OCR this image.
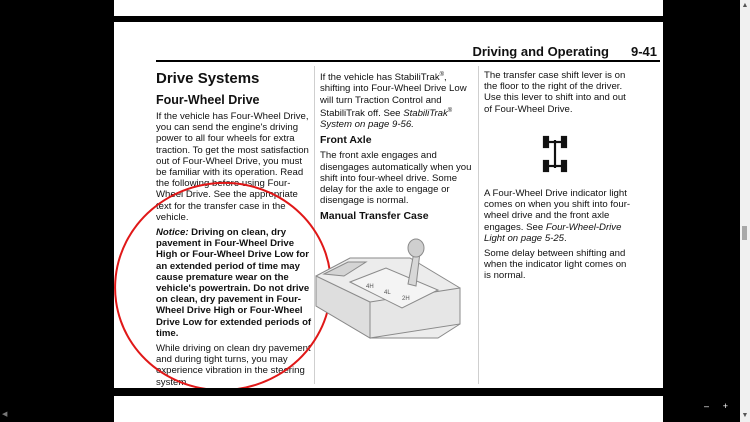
Driving and Operating 9-41
Drive Systems
Four-Wheel Drive

If the vehicle has Four-Wheel Drive, you can send the engine's driving power to all four wheels for extra traction. To get the most satisfaction out of Four-Wheel Drive, you must be familiar with its operation. Read the following before using Four-Wheel Drive. See the appropriate text for the transfer case in the vehicle.

Notice: Driving on clean, dry pavement in Four-Wheel Drive High or Four-Wheel Drive Low for an extended period of time may cause premature wear on the vehicle's powertrain. Do not drive on clean, dry pavement in Four-Wheel Drive High or Four-Wheel Drive Low for extended periods of time.

While driving on clean dry pavement and during tight turns, you may experience vibration in the steering system.

If the vehicle has StabiliTrak®, shifting into Four-Wheel Drive Low will turn Traction Control and StabiliTrak off. See StabiliTrak® System on page 9-56.

Front Axle

The front axle engages and disengages automatically when you shift into four-wheel drive. Some delay for the axle to engage or disengage is normal.

Manual Transfer Case
4H
4L
2H

The transfer case shift lever is on the floor to the right of the driver. Use this lever to shift into and out of Four-Wheel Drive.

A Four-Wheel Drive indicator light comes on when you shift into four-wheel drive and the front axle engages. See Four-Wheel-Drive Light on page 5-25.

Some delay between shifting and when the indicator light comes on is normal.

◀
– +
▲
▼
